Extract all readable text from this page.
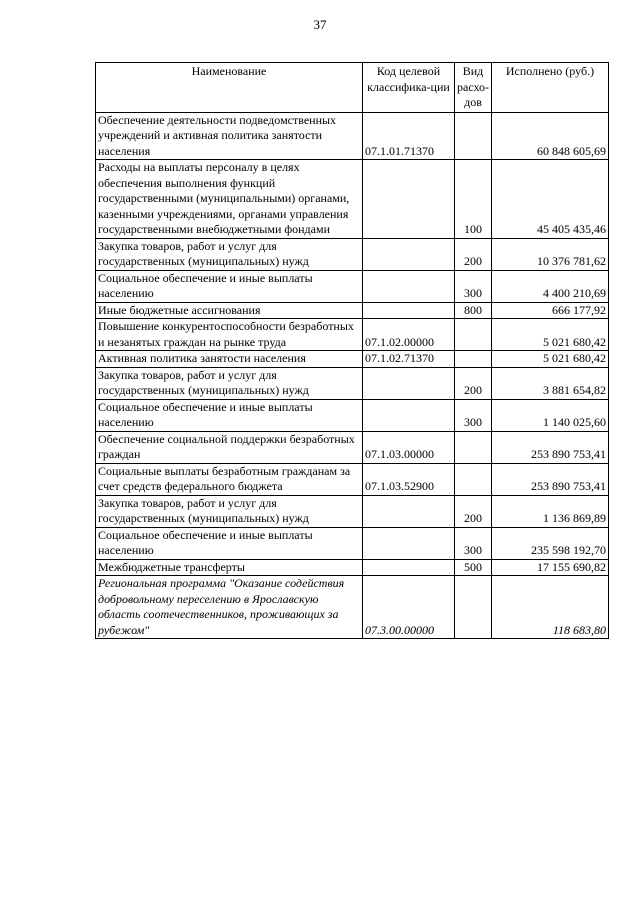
37
Наименование	Код целевой классифика-ции	Вид расхо-дов	Исполнено (руб.)
Обеспечение деятельности подведомственных учреждений и активная политика занятости населения	07.1.01.71370		60 848 605,69
Расходы на выплаты персоналу в целях обеспечения выполнения функций государственными (муниципальными) органами, казенными учреждениями, органами управления государственными внебюджетными фондами		100	45 405 435,46
Закупка товаров, работ и услуг для государственных (муниципальных) нужд		200	10 376 781,62
Социальное обеспечение и иные выплаты населению		300	4 400 210,69
Иные бюджетные ассигнования		800	666 177,92
Повышение конкурентоспособности безработных и незанятых граждан на рынке труда	07.1.02.00000		5 021 680,42
Активная политика занятости населения	07.1.02.71370		5 021 680,42
Закупка товаров, работ и услуг для государственных (муниципальных) нужд		200	3 881 654,82
Социальное обеспечение и иные выплаты населению		300	1 140 025,60
Обеспечение социальной поддержки безработных граждан	07.1.03.00000		253 890 753,41
Социальные выплаты безработным гражданам за счет средств федерального бюджета	07.1.03.52900		253 890 753,41
Закупка товаров, работ и услуг для государственных (муниципальных) нужд		200	1 136 869,89
Социальное обеспечение и иные выплаты населению		300	235 598 192,70
Межбюджетные трансферты		500	17 155 690,82
Региональная программа "Оказание содействия добровольному переселению в Ярославскую область соотечественников, проживающих за рубежом"	07.3.00.00000		118 683,80
